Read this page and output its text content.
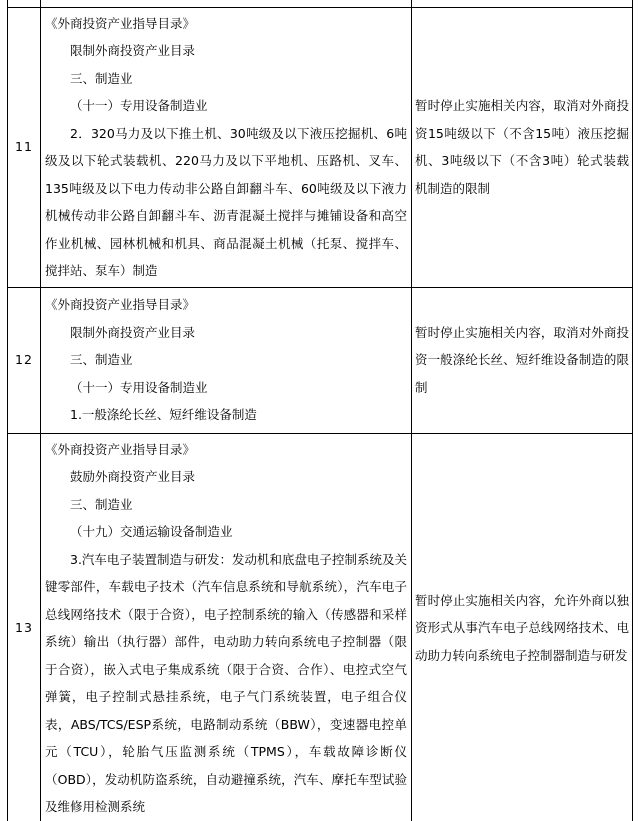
11	《外商投资产业指导目录》

限制外商投资产业目录

三、制造业

（十一）专用设备制造业

2．320马力及以下推土机、30吨级及以下液压挖掘机、6吨级及以下轮式装载机、220马力及以下平地机、压路机、叉车、135吨级及以下电力传动非公路自卸翻斗车、60吨级及以下液力机械传动非公路自卸翻斗车、沥青混凝土搅拌与摊铺设备和高空作业机械、园林机械和机具、商品混凝土机械（托泵、搅拌车、搅拌站、泵车）制造	暂时停止实施相关内容，取消对外商投资15吨级以下（不含15吨）液压挖掘机、3吨级以下（不含3吨）轮式装载机制造的限制
12	《外商投资产业指导目录》

限制外商投资产业目录

三、制造业

（十一）专用设备制造业

1.一般涤纶长丝、短纤维设备制造	暂时停止实施相关内容，取消对外商投资一般涤纶长丝、短纤维设备制造的限制
13	《外商投资产业指导目录》

鼓励外商投资产业目录

三、制造业

（十九）交通运输设备制造业

3.汽车电子装置制造与研发：发动机和底盘电子控制系统及关键零部件，车载电子技术（汽车信息系统和导航系统），汽车电子总线网络技术（限于合资），电子控制系统的输入（传感器和采样系统）输出（执行器）部件，电动助力转向系统电子控制器（限于合资），嵌入式电子集成系统（限于合资、合作）、电控式空气弹簧，电子控制式悬挂系统，电子气门系统装置，电子组合仪表，ABS/TCS/ESP系统，电路制动系统（BBW），变速器电控单元（TCU），轮胎气压监测系统（TPMS），车载故障诊断仪（OBD），发动机防盗系统，自动避撞系统，汽车、摩托车型试验及维修用检测系统	暂时停止实施相关内容，允许外商以独资形式从事汽车电子总线网络技术、电动助力转向系统电子控制器制造与研发
